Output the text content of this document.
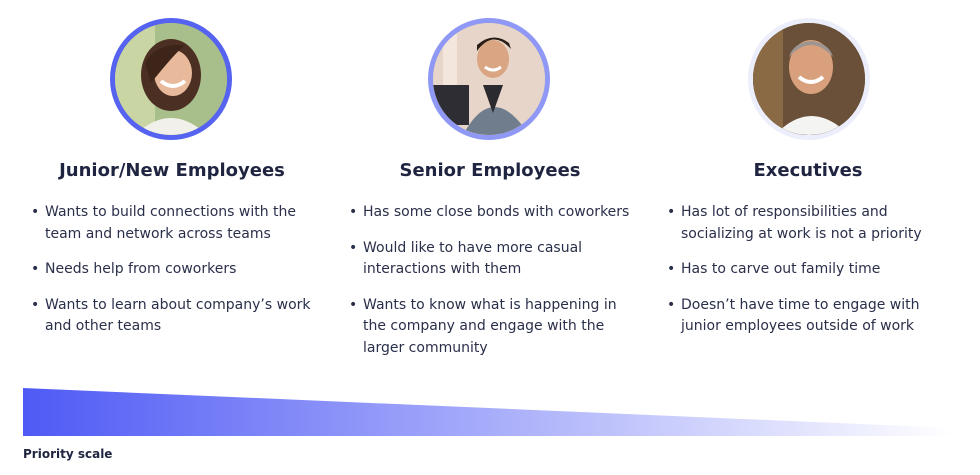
Junior/New Employees
• Wants to build connections with the team and network across teams
• Needs help from coworkers
• Wants to learn about company’s work and other teams
Senior Employees
• Has some close bonds with coworkers
• Would like to have more casual interactions with them
• Wants to know what is happening in the company and engage with the larger community
Executives
• Has lot of responsibilities and socializing at work is not a priority
• Has to carve out family time
• Doesn’t have time to engage with junior employees outside of work

Priority scale
